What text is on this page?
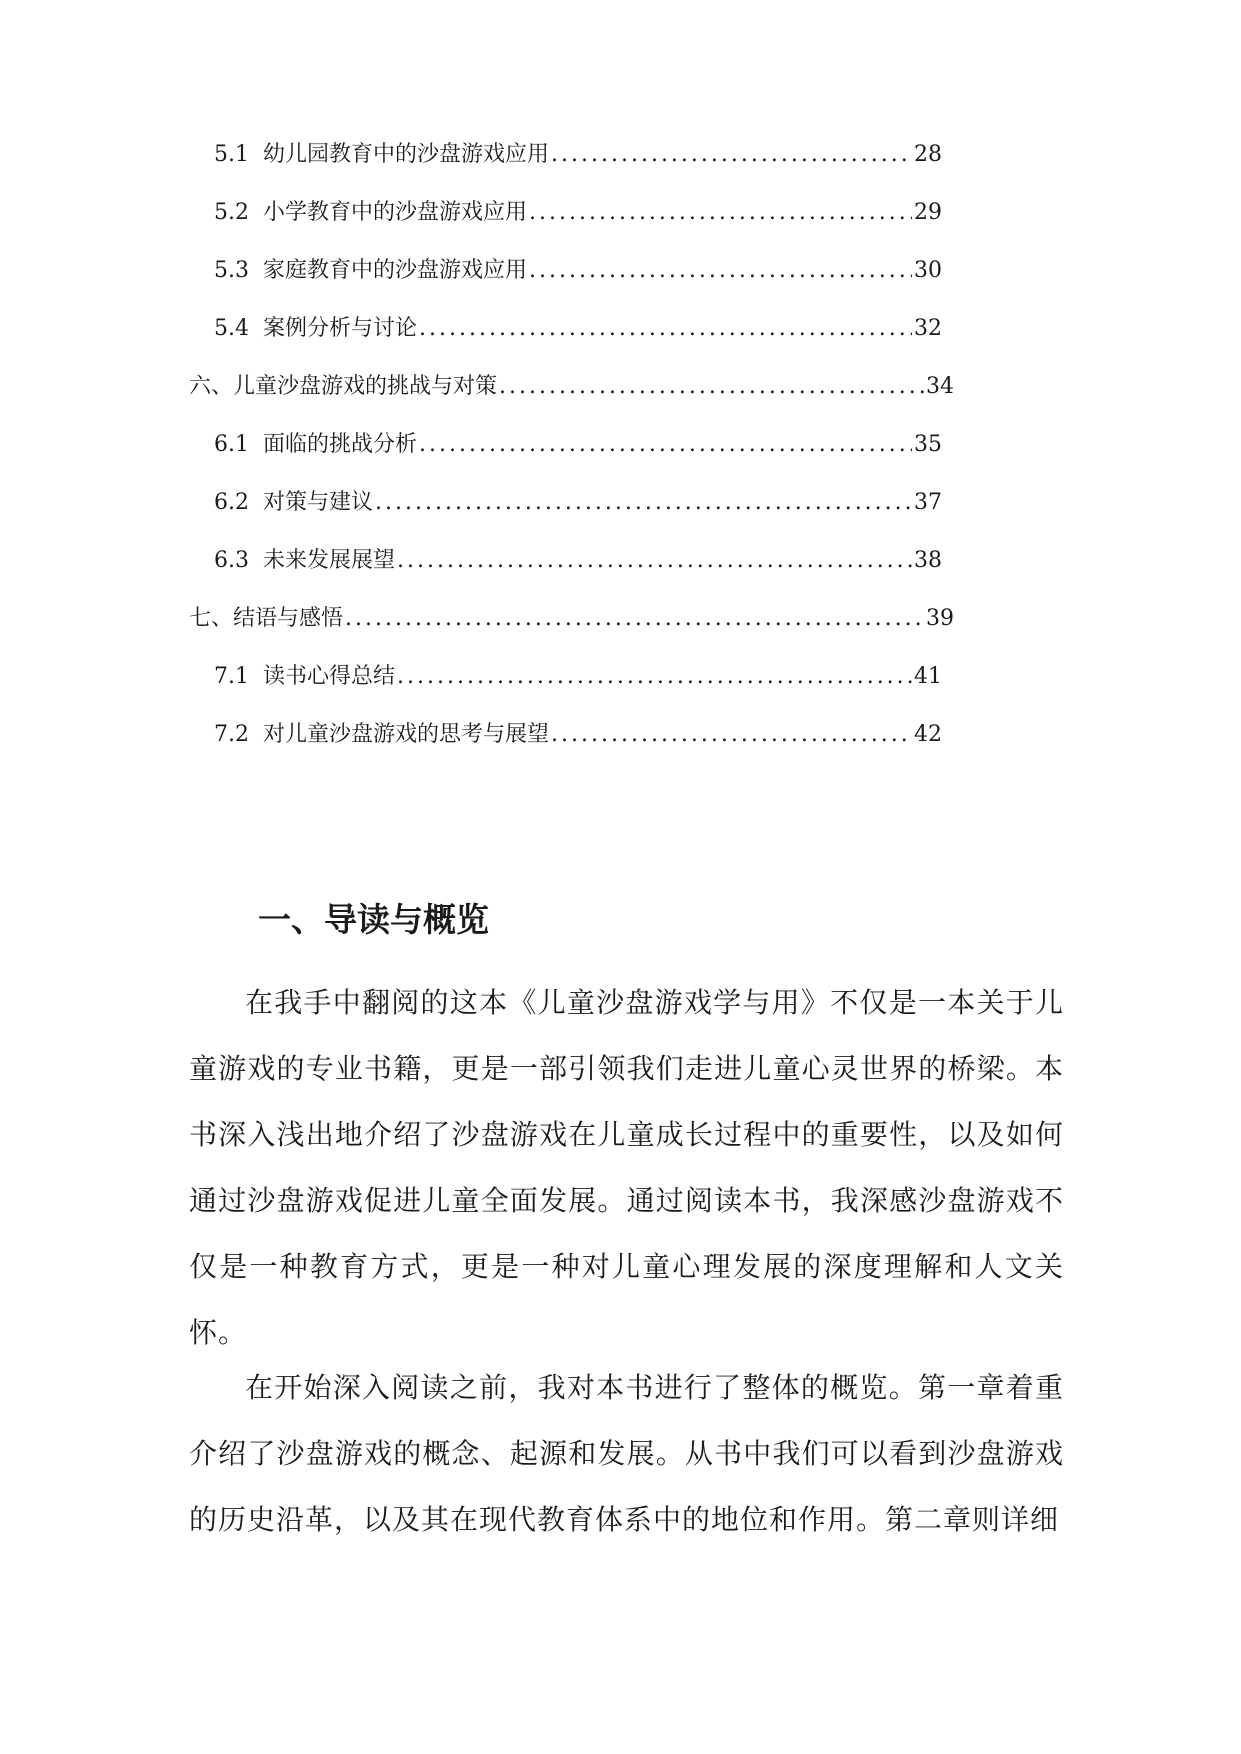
5.1 幼儿园教育中的沙盘游戏应用 .....	28
5.2 小学教育中的沙盘游戏应用 .....	29
5.3 家庭教育中的沙盘游戏应用 .....	30
5.4 案例分析与讨论 .....	32
六、儿童沙盘游戏的挑战与对策 .....	34
6.1 面临的挑战分析 .....	35
6.2 对策与建议 .....	37
6.3 未来发展展望 .....	38
七、结语与感悟 .....	39
7.1 读书心得总结 .....	41
7.2 对儿童沙盘游戏的思考与展望 .....	42
一、导读与概览

在我手中翻阅的这本《儿童沙盘游戏学与用》不仅是一本关于儿童游戏的专业书籍，更是一部引领我们走进儿童心灵世界的桥梁。本书深入浅出地介绍了沙盘游戏在儿童成长过程中的重要性，以及如何通过沙盘游戏促进儿童全面发展。通过阅读本书，我深感沙盘游戏不仅是一种教育方式，更是一种对儿童心理发展的深度理解和人文关怀。

在开始深入阅读之前，我对本书进行了整体的概览。第一章着重介绍了沙盘游戏的概念、起源和发展。从书中我们可以看到沙盘游戏的历史沿革，以及其在现代教育体系中的地位和作用。第二章则详细
